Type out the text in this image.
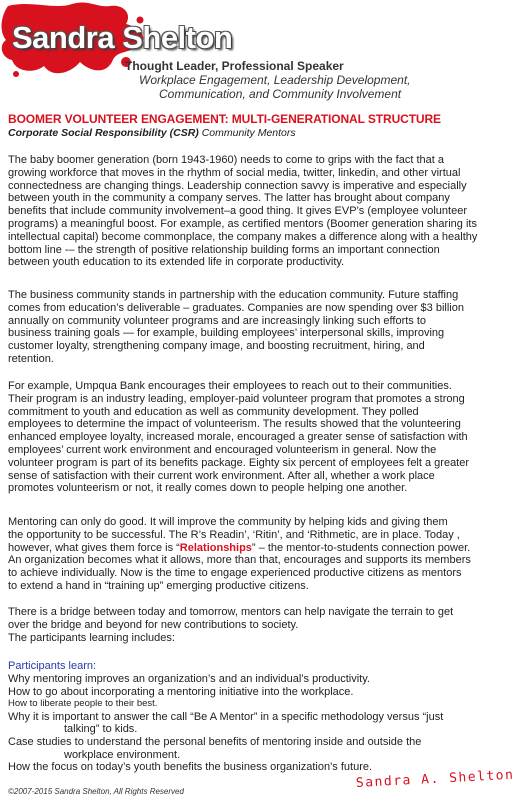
Sandra Shelton

Thought Leader, Professional Speaker

Workplace Engagement, Leadership Development,
Communication, and Community Involvement

BOOMER VOLUNTEER ENGAGEMENT: MULTI-GENERATIONAL STRUCTURE

Corporate Social Responsibility (CSR) Community Mentors

The baby boomer generation (born 1943-1960) needs to come to grips with the fact that a
growing workforce that moves in the rhythm of social media, twitter, linkedin, and other virtual
connectedness are changing things. Leadership connection savvy is imperative and especially
between youth in the community a company serves. The latter has brought about company
benefits that include community involvement–a good thing. It gives EVP’s (employee volunteer
programs) a meaningful boost. For example, as certified mentors (Boomer generation sharing its
intellectual capital) become commonplace, the company makes a difference along with a healthy
bottom line -– the strength of positive relationship building forms an important connection
between youth education to its extended life in corporate productivity.
The business community stands in partnership with the education community. Future staffing
comes from education’s deliverable – graduates. Companies are now spending over $3 billion
annually on community volunteer programs and are increasingly linking such efforts to
business training goals — for example, building employees’ interpersonal skills, improving
customer loyalty, strengthening company image, and boosting recruitment, hiring, and
retention.
For example, Umpqua Bank encourages their employees to reach out to their communities.
Their program is an industry leading, employer-paid volunteer program that promotes a strong
commitment to youth and education as well as community development. They polled
employees to determine the impact of volunteerism. The results showed that the volunteering
enhanced employee loyalty, increased morale, encouraged a greater sense of satisfaction with
employees’ current work environment and encouraged volunteerism in general. Now the
volunteer program is part of its benefits package. Eighty six percent of employees felt a greater
sense of satisfaction with their current work environment. After all, whether a work place
promotes volunteerism or not, it really comes down to people helping one another.
Mentoring can only do good. It will improve the community by helping kids and giving them
the opportunity to be successful. The R’s Readin’, ‘Ritin’, and ‘Rithmetic, are in place. Today ,
however, what gives them force is “Relationships” – the mentor-to-students connection power.
An organization becomes what it allows, more than that, encourages and supports its members
to achieve individually. Now is the time to engage experienced productive citizens as mentors
to extend a hand in “training up” emerging productive citizens.
There is a bridge between today and tomorrow, mentors can help navigate the terrain to get
over the bridge and beyond for new contributions to society.
The participants learning includes:

Participants learn:

Why mentoring improves an organization’s and an individual’s productivity.
How to go about incorporating a mentoring initiative into the workplace.
How to liberate people to their best.
Why it is important to answer the call “Be A Mentor” in a specific methodology versus “just
talking” to kids.
Case studies to understand the personal benefits of mentoring inside and outside the
workplace environment.
How the focus on today’s youth benefits the business organization’s future.

©2007-2015 Sandra Shelton, All Rights Reserved

Sandra A. Shelton
